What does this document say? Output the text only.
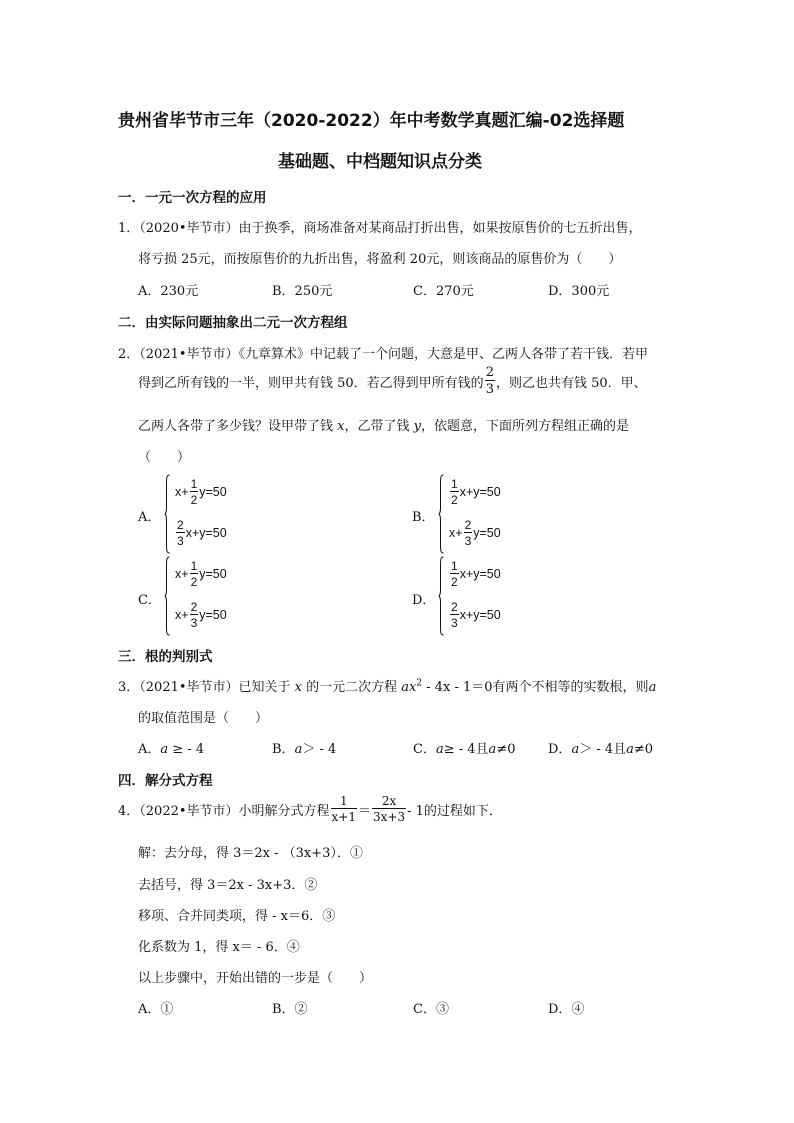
贵州省毕节市三年（2020-2022）年中考数学真题汇编-02选择题
基础题、中档题知识点分类
一．一元一次方程的应用
1．（2020•毕节市）由于换季，商场准备对某商品打折出售，如果按原售价的七五折出售，
将亏损 25元，而按原售价的九折出售，将盈利 20元，则该商品的原售价为（　　）
A．230元	B．250元	C．270元	D．300元
二．由实际问题抽象出二元一次方程组
2．（2021•毕节市）《九章算术》中记载了一个问题，大意是甲、乙两人各带了若干钱．若甲
得到乙所有钱的一半，则甲共有钱 50．若乙得到甲所有钱的 $\frac{2}{3}$ ，则乙也共有钱 50．甲、
乙两人各带了多少钱？设甲带了钱 x，乙带了钱 y，依题意，下面所列方程组正确的是
（　　）
A．
$x+ \frac{1}{2} y=50$
$\frac{2}{3} x+y=50$
B．
$\frac{1}{2} x+y=50$
$x+ \frac{2}{3} y=50$
C．
$x+ \frac{1}{2} y=50$
$x+ \frac{2}{3} y=50$
D．
$\frac{1}{2} x+y=50$
$\frac{2}{3} x+y=50$
三．根的判别式
3．（2021•毕节市）已知关于 x 的一元二次方程 $ax^2 - 4x - 1=0$有两个不相等的实数根，则a
的取值范围是（　　）
A．a ≥ - 4	B．a＞ - 4	C．a≥ - 4且a≠0	D．a＞ - 4且a≠0
四．解分式方程
4．（2022•毕节市）小明解分式方程 $\frac{1}{x+1} = \frac{2x}{3x+3} - 1$的过程如下．
解：去分母，得 3＝2x - （3x+3）．①
去括号，得 3＝2x - 3x+3．②
移项、合并同类项，得 - x＝6．③
化系数为 1，得 x＝ - 6．④
以上步骤中，开始出错的一步是（　　）
A．①	B．②	C．③	D．④
